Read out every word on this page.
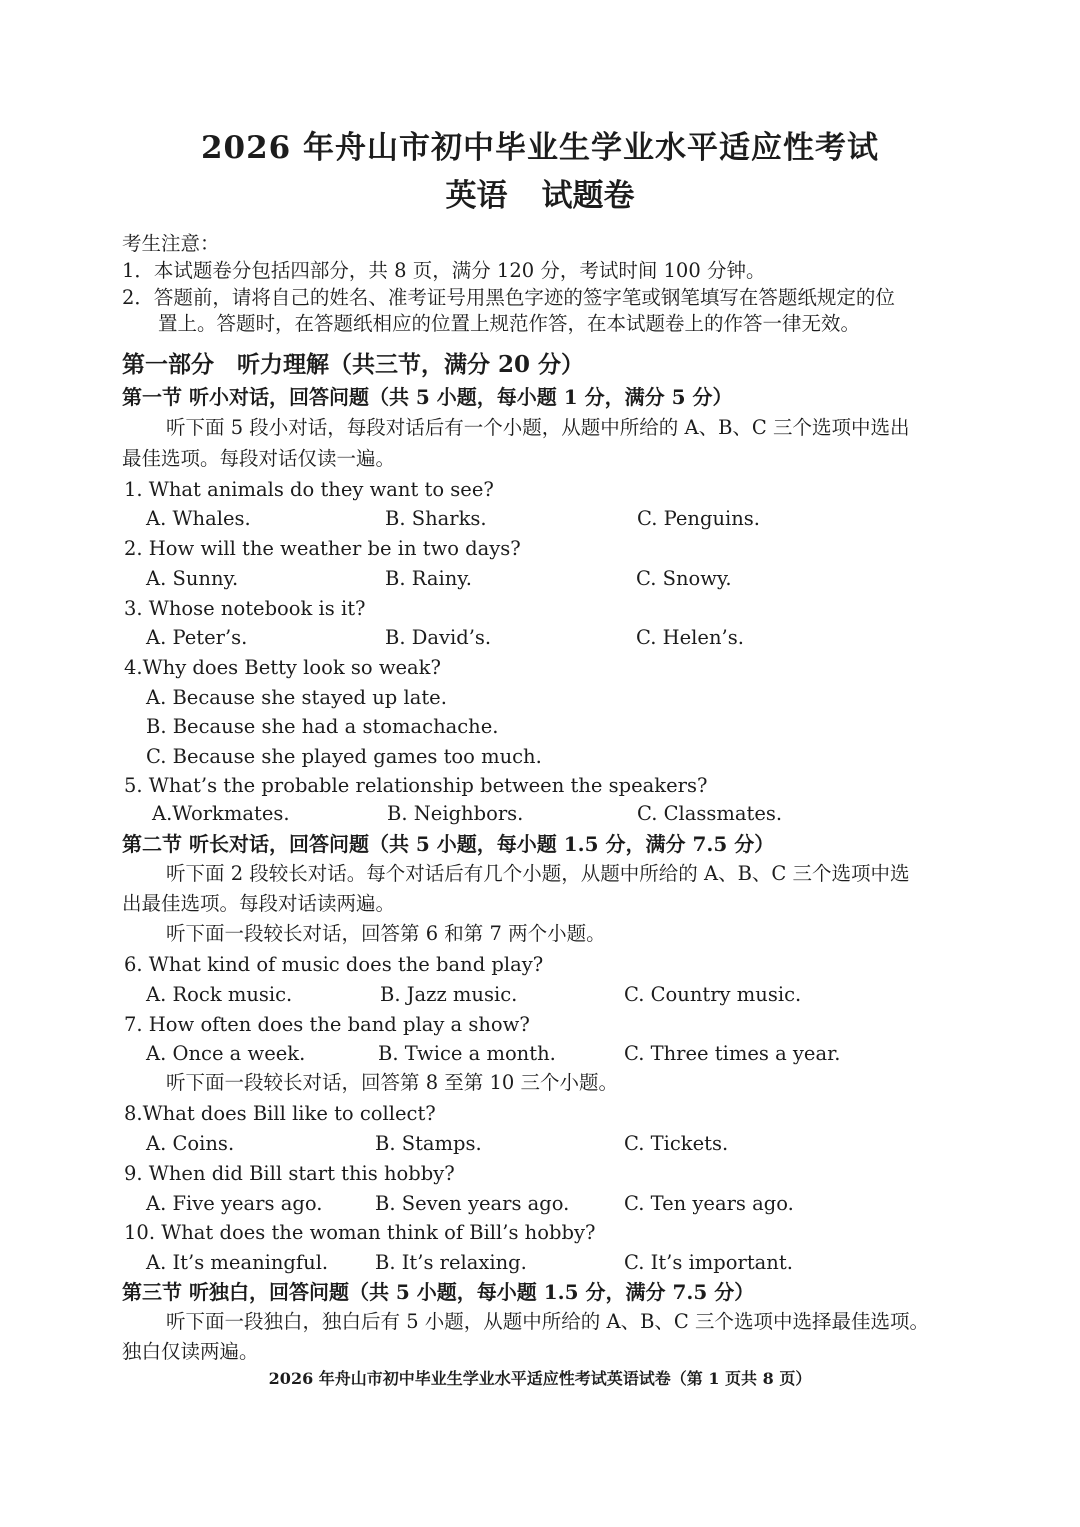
2026 年舟山市初中毕业生学业水平适应性考试
英语 试题卷
考生注意：
1．本试题卷分包括四部分，共 8 页，满分 120 分，考试时间 100 分钟。
2．答题前，请将自己的姓名、准考证号用黑色字迹的签字笔或钢笔填写在答题纸规定的位
置上。答题时，在答题纸相应的位置上规范作答，在本试题卷上的作答一律无效。
第一部分　听力理解（共三节，满分 20 分）
第一节 听小对话，回答问题（共 5 小题，每小题 1 分，满分 5 分）
听下面 5 段小对话，每段对话后有一个小题，从题中所给的 A、B、C 三个选项中选出
最佳选项。每段对话仅读一遍。
1. What animals do they want to see?
A. Whales.	B. Sharks.	C. Penguins.
2. How will the weather be in two days?
A. Sunny.	B. Rainy.	C. Snowy.
3. Whose notebook is it?
A. Peter’s.	B. David’s.	C. Helen’s.
4.Why does Betty look so weak?
A. Because she stayed up late.
B. Because she had a stomachache.
C. Because she played games too much.
5. What’s the probable relationship between the speakers?
A.Workmates.	B. Neighbors.	C. Classmates.
第二节 听长对话，回答问题（共 5 小题，每小题 1.5 分，满分 7.5 分）
听下面 2 段较长对话。每个对话后有几个小题，从题中所给的 A、B、C 三个选项中选
出最佳选项。每段对话读两遍。
听下面一段较长对话，回答第 6 和第 7 两个小题。
6. What kind of music does the band play?
A. Rock music.	B. Jazz music.	C. Country music.
7. How often does the band play a show?
A. Once a week.	B. Twice a month.	C. Three times a year.
听下面一段较长对话，回答第 8 至第 10 三个小题。
8.What does Bill like to collect?
A. Coins.	B. Stamps.	C. Tickets.
9. When did Bill start this hobby?
A. Five years ago.	B. Seven years ago.	C. Ten years ago.
10. What does the woman think of Bill’s hobby?
A. It’s meaningful. B. It’s relaxing.	C. It’s important.
第三节 听独白，回答问题（共 5 小题，每小题 1.5 分，满分 7.5 分）
听下面一段独白，独白后有 5 小题，从题中所给的 A、B、C 三个选项中选择最佳选项。
独白仅读两遍。
2026 年舟山市初中毕业生学业水平适应性考试英语试卷（第 1 页共 8 页）
